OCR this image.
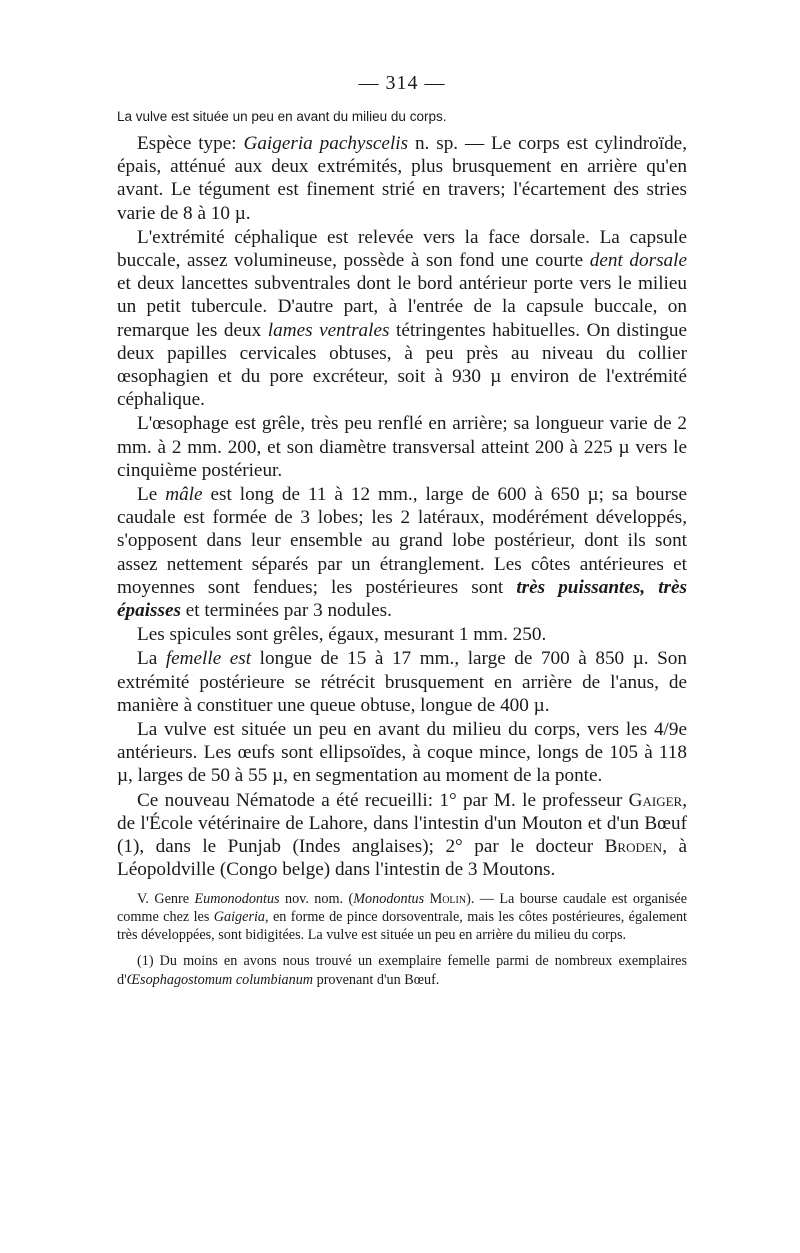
— 314 —
La vulve est située un peu en avant du milieu du corps.

Espèce type: Gaigeria pachyscelis n. sp. — Le corps est cylindroïde, épais, atténué aux deux extrémités, plus brusquement en arrière qu'en avant. Le tégument est finement strié en travers; l'écartement des stries varie de 8 à 10 µ.

L'extrémité céphalique est relevée vers la face dorsale. La capsule buccale, assez volumineuse, possède à son fond une courte dent dorsale et deux lancettes subventrales dont le bord antérieur porte vers le milieu un petit tubercule. D'autre part, à l'entrée de la capsule buccale, on remarque les deux lames ventrales tétringentes habituelles. On distingue deux papilles cervicales obtuses, à peu près au niveau du collier œsophagien et du pore excréteur, soit à 930 µ environ de l'extrémité céphalique.

L'œsophage est grêle, très peu renflé en arrière; sa longueur varie de 2 mm. à 2 mm. 200, et son diamètre transversal atteint 200 à 225 µ vers le cinquième postérieur.

Le mâle est long de 11 à 12 mm., large de 600 à 650 µ; sa bourse caudale est formée de 3 lobes; les 2 latéraux, modérément développés, s'opposent dans leur ensemble au grand lobe postérieur, dont ils sont assez nettement séparés par un étranglement. Les côtes antérieures et moyennes sont fendues; les postérieures sont très puissantes, très épaisses et terminées par 3 nodules.

Les spicules sont grêles, égaux, mesurant 1 mm. 250.

La femelle est longue de 15 à 17 mm., large de 700 à 850 µ. Son extrémité postérieure se rétrécit brusquement en arrière de l'anus, de manière à constituer une queue obtuse, longue de 400 µ.

La vulve est située un peu en avant du milieu du corps, vers les 4/9e antérieurs. Les œufs sont ellipsoïdes, à coque mince, longs de 105 à 118 µ, larges de 50 à 55 µ, en segmentation au moment de la ponte.

Ce nouveau Nématode a été recueilli: 1° par M. le professeur Gaiger, de l'École vétérinaire de Lahore, dans l'intestin d'un Mouton et d'un Bœuf (1), dans le Punjab (Indes anglaises); 2° par le docteur Broden, à Léopoldville (Congo belge) dans l'intestin de 3 Moutons.

V. Genre Eumonodontus nov. nom. (Monodontus Molin). — La bourse caudale est organisée comme chez les Gaigeria, en forme de pince dorsoventrale, mais les côtes postérieures, également très développées, sont bidigitées. La vulve est située un peu en arrière du milieu du corps.

(1) Du moins en avons nous trouvé un exemplaire femelle parmi de nombreux exemplaires d'Œsophagostomum columbianum provenant d'un Bœuf.
